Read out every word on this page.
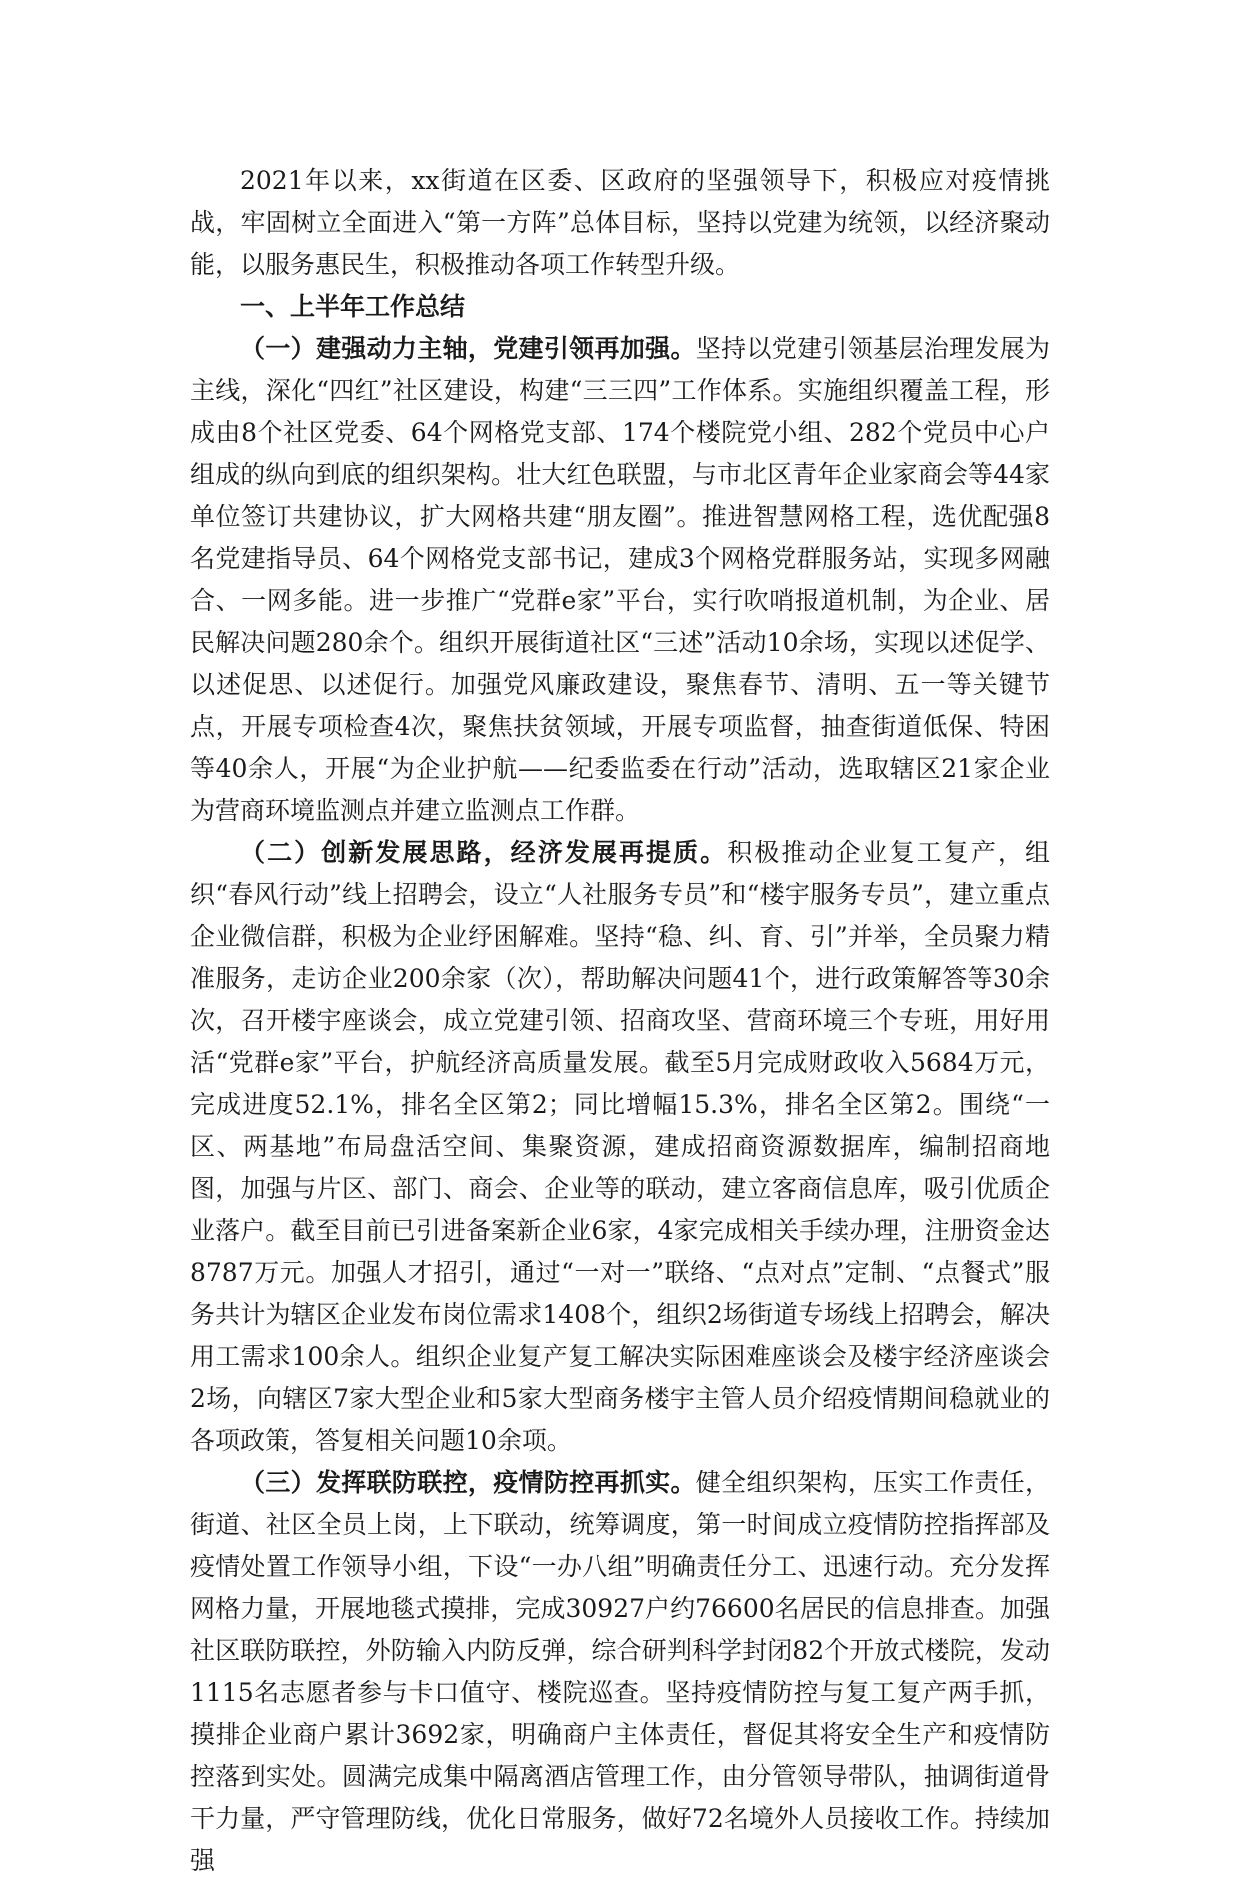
2021年以来，xx街道在区委、区政府的坚强领导下，积极应对疫情挑战，牢固树立全面进入“第一方阵”总体目标，坚持以党建为统领，以经济聚动能，以服务惠民生，积极推动各项工作转型升级。

一、上半年工作总结

（一）建强动力主轴，党建引领再加强。坚持以党建引领基层治理发展为主线，深化“四红”社区建设，构建“三三四”工作体系。实施组织覆盖工程，形成由8个社区党委、64个网格党支部、174个楼院党小组、282个党员中心户组成的纵向到底的组织架构。壮大红色联盟，与市北区青年企业家商会等44家单位签订共建协议，扩大网格共建“朋友圈”。推进智慧网格工程，选优配强8名党建指导员、64个网格党支部书记，建成3个网格党群服务站，实现多网融合、一网多能。进一步推广“党群e家”平台，实行吹哨报道机制，为企业、居民解决问题280余个。组织开展街道社区“三述”活动10余场，实现以述促学、以述促思、以述促行。加强党风廉政建设，聚焦春节、清明、五一等关键节点，开展专项检查4次，聚焦扶贫领域，开展专项监督，抽查街道低保、特困等40余人，开展“为企业护航——纪委监委在行动”活动，选取辖区21家企业为营商环境监测点并建立监测点工作群。

（二）创新发展思路，经济发展再提质。积极推动企业复工复产，组织“春风行动”线上招聘会，设立“人社服务专员”和“楼宇服务专员”，建立重点企业微信群，积极为企业纾困解难。坚持“稳、纠、育、引”并举，全员聚力精准服务，走访企业200余家（次），帮助解决问题41个，进行政策解答等30余次，召开楼宇座谈会，成立党建引领、招商攻坚、营商环境三个专班，用好用活“党群e家”平台，护航经济高质量发展。截至5月完成财政收入5684万元，完成进度52.1%，排名全区第2；同比增幅15.3%，排名全区第2。围绕“一区、两基地”布局盘活空间、集聚资源，建成招商资源数据库，编制招商地图，加强与片区、部门、商会、企业等的联动，建立客商信息库，吸引优质企业落户。截至目前已引进备案新企业6家，4家完成相关手续办理，注册资金达8787万元。加强人才招引，通过“一对一”联络、“点对点”定制、“点餐式”服务共计为辖区企业发布岗位需求1408个，组织2场街道专场线上招聘会，解决用工需求100余人。组织企业复产复工解决实际困难座谈会及楼宇经济座谈会2场，向辖区7家大型企业和5家大型商务楼宇主管人员介绍疫情期间稳就业的各项政策，答复相关问题10余项。

（三）发挥联防联控，疫情防控再抓实。健全组织架构，压实工作责任，街道、社区全员上岗，上下联动，统筹调度，第一时间成立疫情防控指挥部及疫情处置工作领导小组，下设“一办八组”明确责任分工、迅速行动。充分发挥网格力量，开展地毯式摸排，完成30927户约76600名居民的信息排查。加强社区联防联控，外防输入内防反弹，综合研判科学封闭82个开放式楼院，发动1115名志愿者参与卡口值守、楼院巡查。坚持疫情防控与复工复产两手抓，摸排企业商户累计3692家，明确商户主体责任，督促其将安全生产和疫情防控落到实处。圆满完成集中隔离酒店管理工作，由分管领导带队，抽调街道骨干力量，严守管理防线，优化日常服务，做好72名境外人员接收工作。持续加强
